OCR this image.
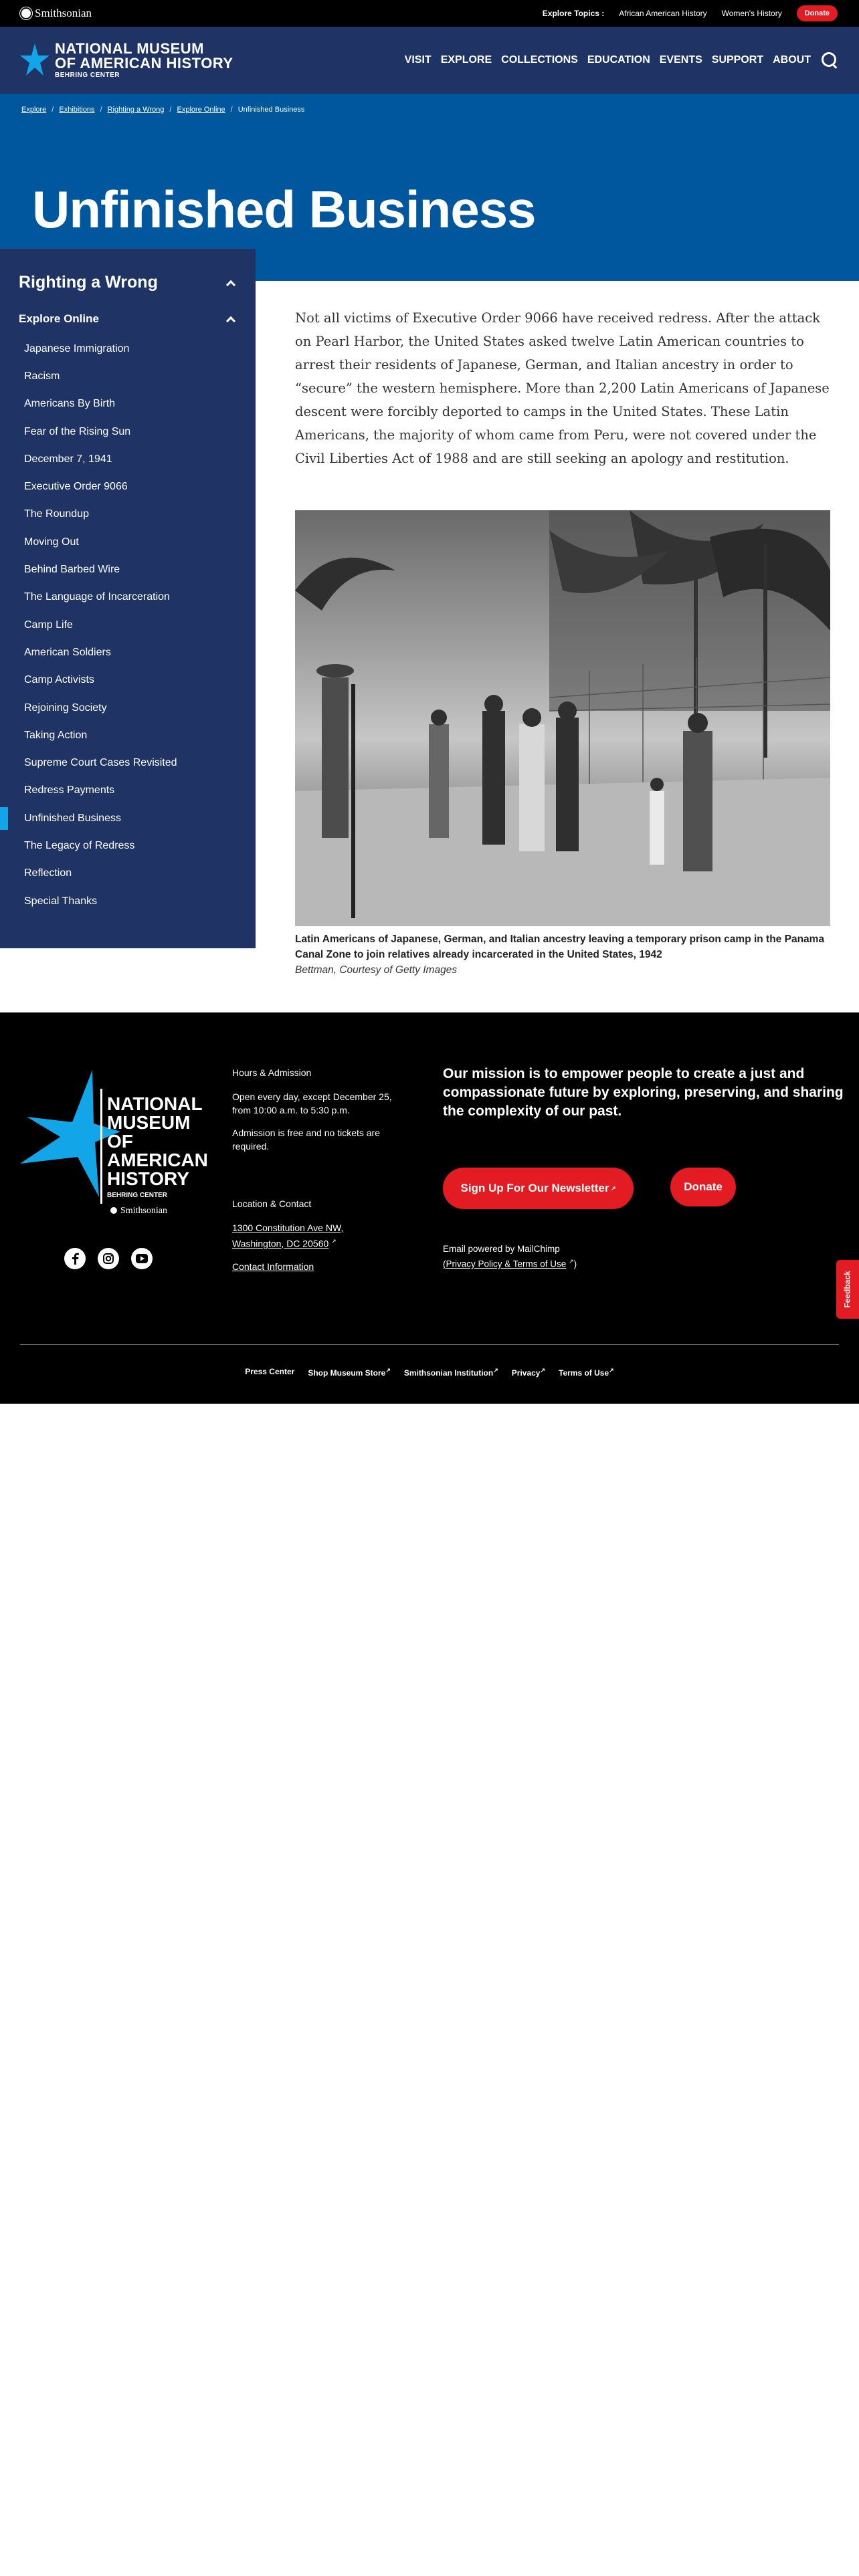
Smithsonian	Explore Topics : African American History Women's History	Donate
NATIONAL MUSEUM
OF AMERICAN HISTORY
BEHRING CENTER
VISIT EXPLORE COLLECTIONS EDUCATION EVENTS SUPPORT ABOUT
Explore / Exhibitions / Righting a Wrong / Explore Online / Unfinished Business
Unfinished Business
Righting a Wrong
Explore Online
Japanese Immigration
Racism
Americans By Birth
Fear of the Rising Sun
December 7, 1941
Executive Order 9066
The Roundup
Moving Out
Behind Barbed Wire
The Language of Incarceration
Camp Life
American Soldiers
Camp Activists
Rejoining Society
Taking Action
Supreme Court Cases Revisited
Redress Payments
Unfinished Business
The Legacy of Redress
Reflection
Special Thanks

Not all victims of Executive Order 9066 have received redress. After the attack on Pearl Harbor, the United States asked twelve Latin American countries to arrest their residents of Japanese, German, and Italian ancestry in order to “secure” the western hemisphere. More than 2,200 Latin Americans of Japanese descent were forcibly deported to camps in the United States. These Latin Americans, the majority of whom came from Peru, were not covered under the Civil Liberties Act of 1988 and are still seeking an apology and restitution.

Latin Americans of Japanese, German, and Italian ancestry leaving a temporary prison camp in the Panama Canal Zone to join relatives already incarcerated in the United States, 1942
Bettman, Courtesy of Getty Images

NATIONAL
MUSEUM
OF
AMERICAN
HISTORY
BEHRING CENTER
Smithsonian
Hours & Admission

Open every day, except December 25, from 10:00 a.m. to 5:30 p.m.

Admission is free and no tickets are required.

Location & Contact

1300 Constitution Ave NW,
Washington, DC 20560 ↗

Contact Information

Our mission is to empower people to create a just and compassionate future by exploring, preserving, and sharing the complexity of our past.
Sign Up For Our Newsletter ↗	Donate
Email powered by MailChimp
(Privacy Policy & Terms of Use ↗)
Press Center Shop Museum Store↗ Smithsonian Institution↗ Privacy↗ Terms of Use↗
Feedback
